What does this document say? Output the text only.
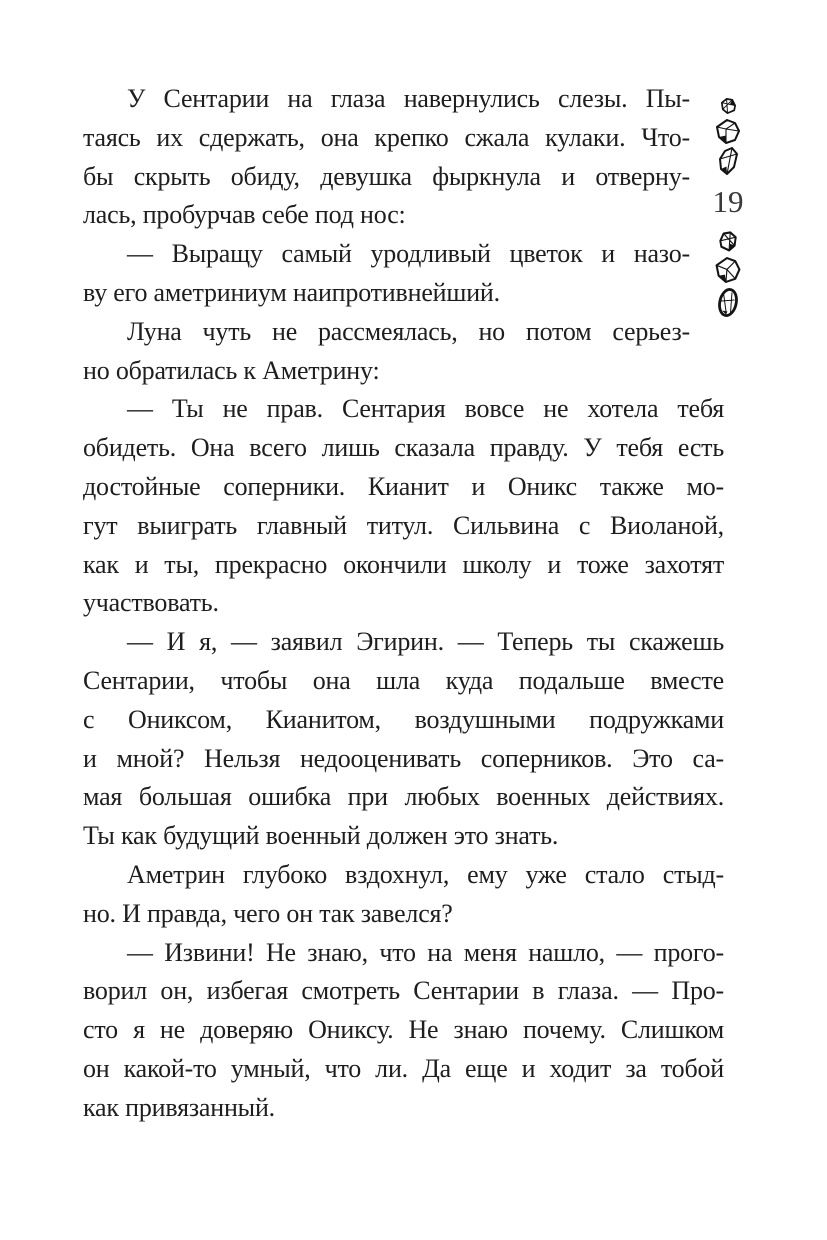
У Сентарии на глаза навернулись слезы. Пы-
таясь их сдержать, она крепко сжала кулаки. Что-
бы скрыть обиду, девушка фыркнула и отверну-
лась, пробурчав себе под нос:
— Выращу самый уродливый цветок и назо-
ву его аметриниум наипротивнейший.
Луна чуть не рассмеялась, но потом серьез-
но обратилась к Аметрину:
— Ты не прав. Сентария вовсе не хотела тебя
обидеть. Она всего лишь сказала правду. У тебя есть
достойные соперники. Кианит и Оникс также мо-
гут выиграть главный титул. Сильвина с Виоланой,
как и ты, прекрасно окончили школу и тоже захотят
участвовать.
— И я, — заявил Эгирин. — Теперь ты скажешь
Сентарии, чтобы она шла куда подальше вместе
с Ониксом, Кианитом, воздушными подружками
и мной? Нельзя недооценивать соперников. Это са-
мая большая ошибка при любых военных действиях.
Ты как будущий военный должен это знать.
Аметрин глубоко вздохнул, ему уже стало стыд-
но. И правда, чего он так завелся?
— Извини! Не знаю, что на меня нашло, — прого-
ворил он, избегая смотреть Сентарии в глаза. — Про-
сто я не доверяю Ониксу. Не знаю почему. Слишком
он какой-то умный, что ли. Да еще и ходит за тобой
как привязанный.
19
